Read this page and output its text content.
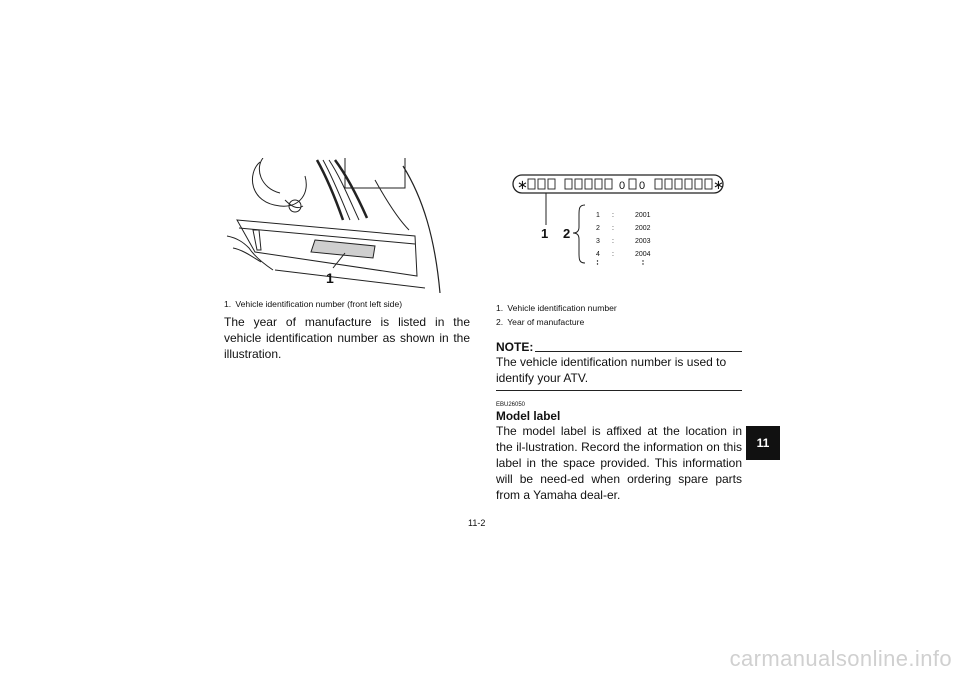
1
1. Vehicle identification number (front left side)

The year of manufacture is listed in the vehicle identification number as shown in the illustration.

∗	0 0	∗
1 2
1 :	2001
2 :	2002
3 :	2003
4 :	2004
1. Vehicle identification number
2. Year of manufacture
NOTE:

The vehicle identification number is used to identify your ATV.

EBU26050
Model label

The model label is affixed at the location in the il-lustration. Record the information on this label in the space provided. This information will be need-ed when ordering spare parts from a Yamaha deal-er.

11
11-2
carmanualsonline.info
